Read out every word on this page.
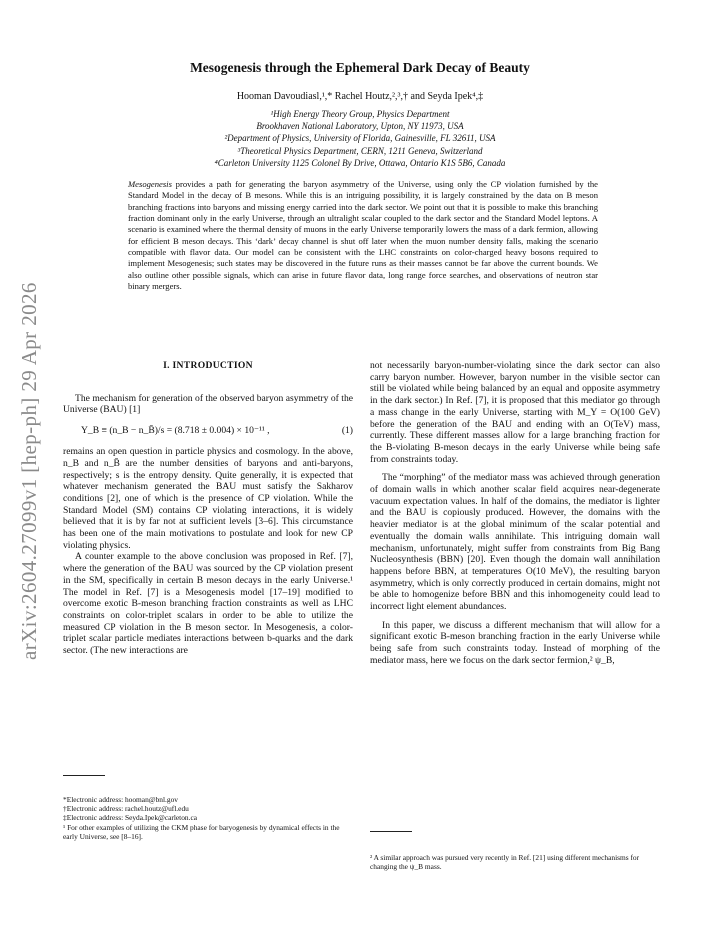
arXiv:2604.27099v1 [hep-ph] 29 Apr 2026
Mesogenesis through the Ephemeral Dark Decay of Beauty
Hooman Davoudiasl,¹,* Rachel Houtz,²,³,† and Seyda Ipek⁴,‡
¹High Energy Theory Group, Physics Department
Brookhaven National Laboratory, Upton, NY 11973, USA
²Department of Physics, University of Florida, Gainesville, FL 32611, USA
³Theoretical Physics Department, CERN, 1211 Geneva, Switzerland
⁴Carleton University 1125 Colonel By Drive, Ottawa, Ontario K1S 5B6, Canada
Mesogenesis provides a path for generating the baryon asymmetry of the Universe, using only the CP violation furnished by the Standard Model in the decay of B mesons. While this is an intriguing possibility, it is largely constrained by the data on B meson branching fractions into baryons and missing energy carried into the dark sector. We point out that it is possible to make this branching fraction dominant only in the early Universe, through an ultralight scalar coupled to the dark sector and the Standard Model leptons. A scenario is examined where the thermal density of muons in the early Universe temporarily lowers the mass of a dark fermion, allowing for efficient B meson decays. This ‘dark’ decay channel is shut off later when the muon number density falls, making the scenario compatible with flavor data. Our model can be consistent with the LHC constraints on color-charged heavy bosons required to implement Mesogenesis; such states may be discovered in the future runs as their masses cannot be far above the current bounds. We also outline other possible signals, which can arise in future flavor data, long range force searches, and observations of neutron star binary mergers.
I. INTRODUCTION

The mechanism for generation of the observed baryon asymmetry of the Universe (BAU) [1]

Y_B ≡ (n_B − n_B̄)/s = (8.718 ± 0.004) × 10⁻¹¹ ,	(1)

remains an open question in particle physics and cosmology. In the above, n_B and n_B̄ are the number densities of baryons and anti-baryons, respectively; s is the entropy density. Quite generally, it is expected that whatever mechanism generated the BAU must satisfy the Sakharov conditions [2], one of which is the presence of CP violation. While the Standard Model (SM) contains CP violating interactions, it is widely believed that it is by far not at sufficient levels [3–6]. This circumstance has been one of the main motivations to postulate and look for new CP violating physics.

A counter example to the above conclusion was proposed in Ref. [7], where the generation of the BAU was sourced by the CP violation present in the SM, specifically in certain B meson decays in the early Universe.¹ The model in Ref. [7] is a Mesogenesis model [17–19] modified to overcome exotic B-meson branching fraction constraints as well as LHC constraints on color-triplet scalars in order to be able to utilize the measured CP violation in the B meson sector. In Mesogenesis, a color-triplet scalar particle mediates interactions between b-quarks and the dark sector. (The new interactions are

not necessarily baryon-number-violating since the dark sector can also carry baryon number. However, baryon number in the visible sector can still be violated while being balanced by an equal and opposite asymmetry in the dark sector.) In Ref. [7], it is proposed that this mediator go through a mass change in the early Universe, starting with M_Y = O(100 GeV) before the generation of the BAU and ending with an O(TeV) mass, currently. These different masses allow for a large branching fraction for the B-violating B-meson decays in the early Universe while being safe from constraints today.

The “morphing” of the mediator mass was achieved through generation of domain walls in which another scalar field acquires near-degenerate vacuum expectation values. In half of the domains, the mediator is lighter and the BAU is copiously produced. However, the domains with the heavier mediator is at the global minimum of the scalar potential and eventually the domain walls annihilate. This intriguing domain wall mechanism, unfortunately, might suffer from constraints from Big Bang Nucleosynthesis (BBN) [20]. Even though the domain wall annihilation happens before BBN, at temperatures O(10 MeV), the resulting baryon asymmetry, which is only correctly produced in certain domains, might not be able to homogenize before BBN and this inhomogeneity could lead to incorrect light element abundances.

In this paper, we discuss a different mechanism that will allow for a significant exotic B-meson branching fraction in the early Universe while being safe from such constraints today. Instead of morphing of the mediator mass, here we focus on the dark sector fermion,² ψ_B,

*Electronic address: hooman@bnl.gov
†Electronic address: rachel.houtz@ufl.edu
‡Electronic address: Seyda.Ipek@carleton.ca
¹ For other examples of utilizing the CKM phase for baryogenesis by dynamical effects in the early Universe, see [8–16].
² A similar approach was pursued very recently in Ref. [21] using different mechanisms for changing the ψ_B mass.
